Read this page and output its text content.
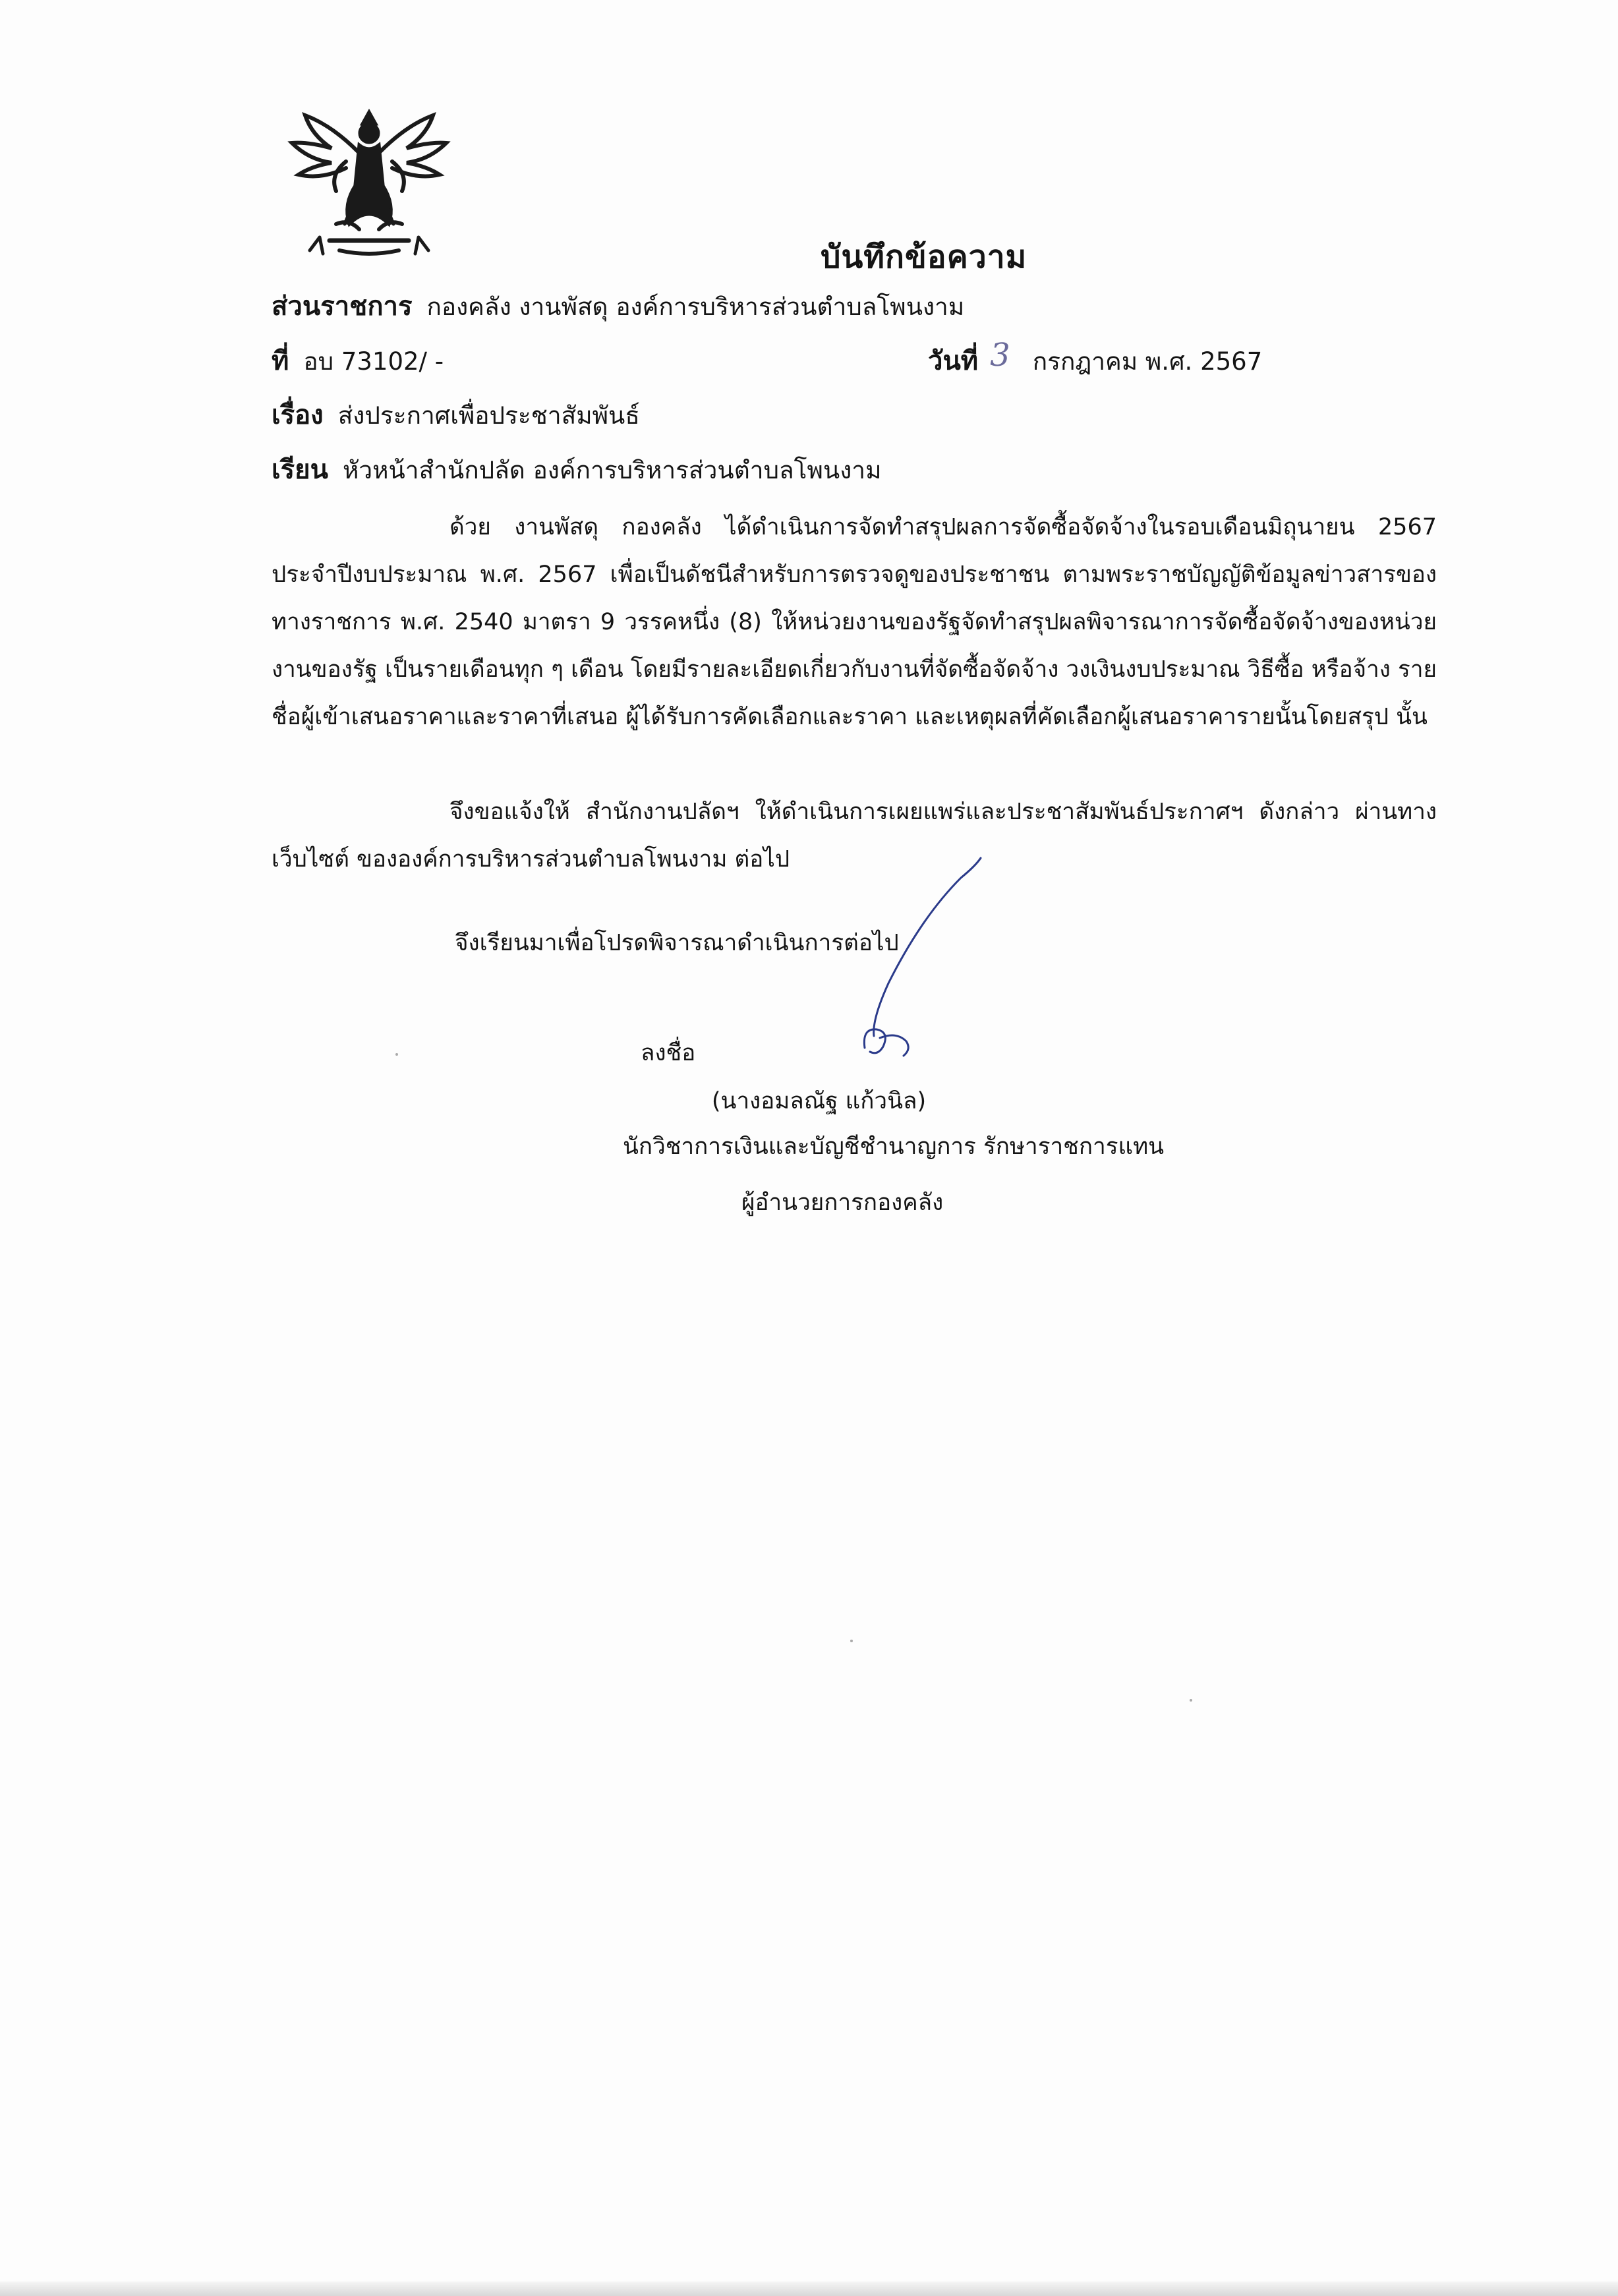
บันทึกข้อความ
ส่วนราชการ กองคลัง งานพัสดุ องค์การบริหารส่วนตำบลโพนงาม
ที่ อบ 73102/ -	วันที่ 3 กรกฎาคม พ.ศ. 2567
เรื่อง ส่งประกาศเพื่อประชาสัมพันธ์
เรียน หัวหน้าสำนักปลัด องค์การบริหารส่วนตำบลโพนงาม
ด้วย งานพัสดุ กองคลัง ได้ดำเนินการจัดทำสรุปผลการจัดซื้อจัดจ้างในรอบเดือนมิถุนายน 2567 ประจำปีงบประมาณ พ.ศ. 2567 เพื่อเป็นดัชนีสำหรับการตรวจดูของประชาชน ตามพระราชบัญญัติข้อมูลข่าวสารของทางราชการ พ.ศ. 2540 มาตรา 9 วรรคหนึ่ง (8) ให้หน่วยงานของรัฐจัดทำสรุปผลพิจารณาการจัดซื้อจัดจ้างของหน่วยงานของรัฐ เป็นรายเดือนทุก ๆ เดือน โดยมีรายละเอียดเกี่ยวกับงานที่จัดซื้อจัดจ้าง วงเงินงบประมาณ วิธีซื้อ หรือจ้าง รายชื่อผู้เข้าเสนอราคาและราคาที่เสนอ ผู้ได้รับการคัดเลือกและราคา และเหตุผลที่คัดเลือกผู้เสนอราคารายนั้นโดยสรุป นั้น
จึงขอแจ้งให้ สำนักงานปลัดฯ ให้ดำเนินการเผยแพร่และประชาสัมพันธ์ประกาศฯ ดังกล่าว ผ่านทางเว็บไซต์ ขององค์การบริหารส่วนตำบลโพนงาม ต่อไป
จึงเรียนมาเพื่อโปรดพิจารณาดำเนินการต่อไป
ลงชื่อ
(นางอมลณัฐ แก้วนิล)
นักวิชาการเงินและบัญชีชำนาญการ รักษาราชการแทน
ผู้อำนวยการกองคลัง
